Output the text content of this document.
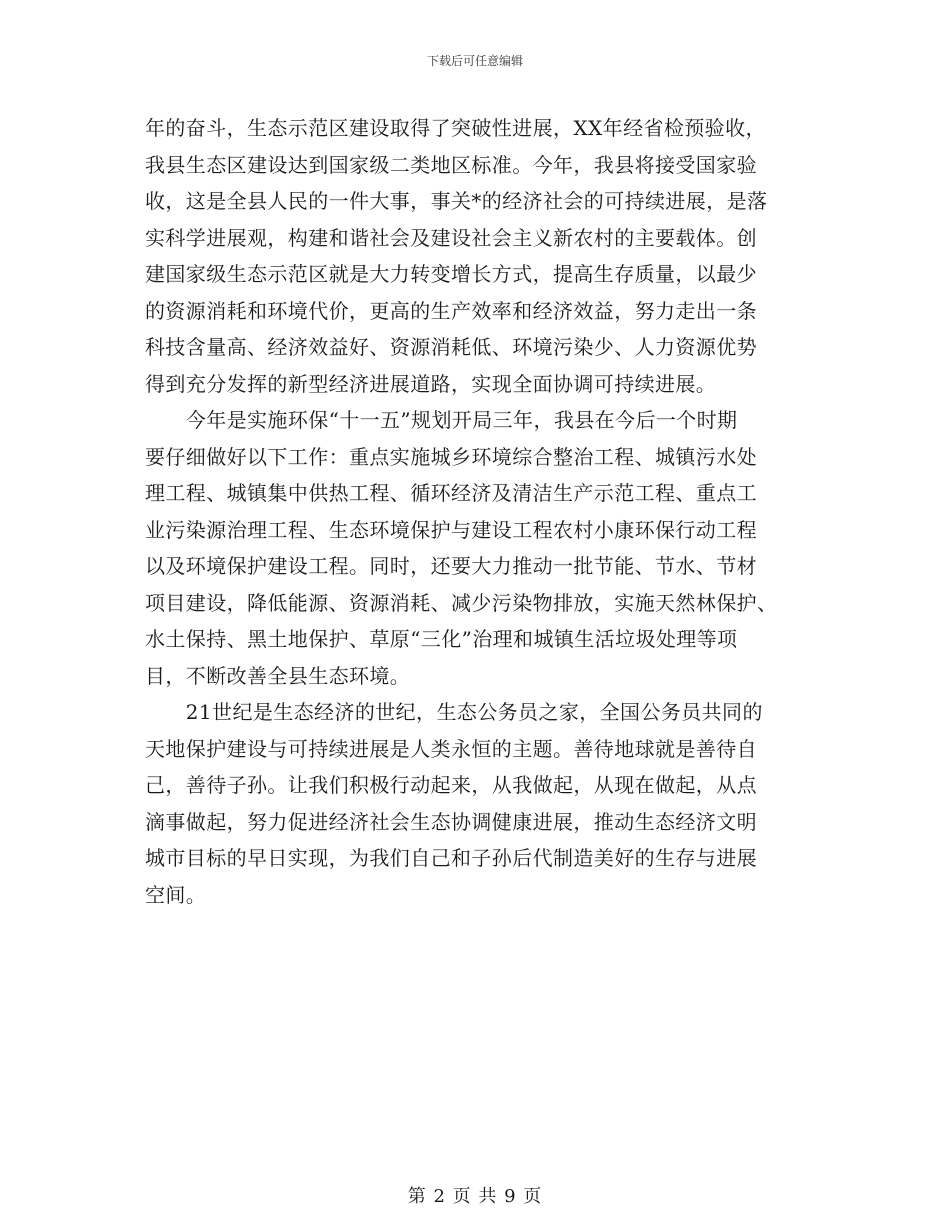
下载后可任意编辑
年的奋斗，生态示范区建设取得了突破性进展，XX年经省检预验收，
我县生态区建设达到国家级二类地区标准。今年，我县将接受国家验
收，这是全县人民的一件大事，事关*的经济社会的可持续进展，是落
实科学进展观，构建和谐社会及建设社会主义新农村的主要载体。创
建国家级生态示范区就是大力转变增长方式，提高生存质量，以最少
的资源消耗和环境代价，更高的生产效率和经济效益，努力走出一条
科技含量高、经济效益好、资源消耗低、环境污染少、人力资源优势
得到充分发挥的新型经济进展道路，实现全面协调可持续进展。
　　今年是实施环保“十一五”规划开局三年，我县在今后一个时期
要仔细做好以下工作：重点实施城乡环境综合整治工程、城镇污水处
理工程、城镇集中供热工程、循环经济及清洁生产示范工程、重点工
业污染源治理工程、生态环境保护与建设工程农村小康环保行动工程
以及环境保护建设工程。同时，还要大力推动一批节能、节水、节材
项目建设，降低能源、资源消耗、减少污染物排放，实施天然林保护、
水土保持、黑土地保护、草原“三化”治理和城镇生活垃圾处理等项
目，不断改善全县生态环境。
　　21世纪是生态经济的世纪，生态公务员之家，全国公务员共同的
天地保护建设与可持续进展是人类永恒的主题。善待地球就是善待自
己，善待子孙。让我们积极行动起来，从我做起，从现在做起，从点
滴事做起，努力促进经济社会生态协调健康进展，推动生态经济文明
城市目标的早日实现，为我们自己和子孙后代制造美好的生存与进展
空间。
第 2 页 共 9 页
